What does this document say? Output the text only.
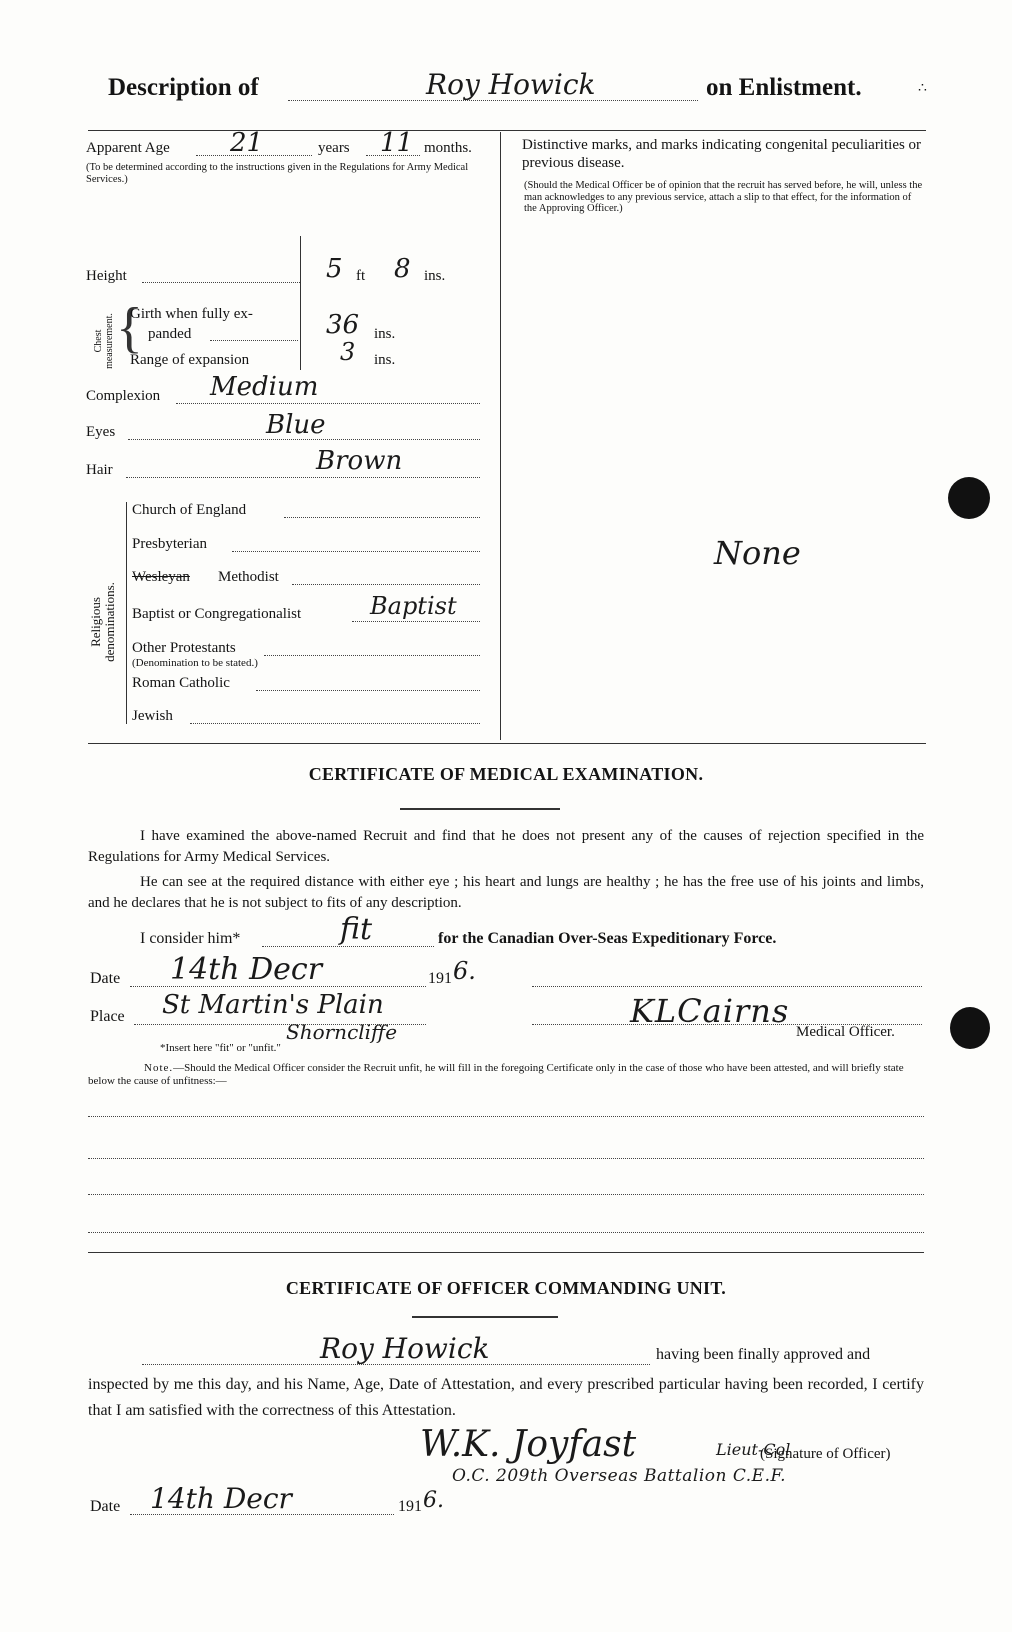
Description of	Roy Howick	on Enlistment.	∴
Apparent Age 21	years 11 months.
(To be determined according to the instructions given in the Regulations for Army Medical Services.)
Height	5 ft 8 ins.
Chest measurement. {
Girth when fully ex-
panded	36 ins.
Range of expansion	3 ins.
Complexion Medium
Eyes	Blue
Hair	Brown
Religious denominations.
Church of England
Presbyterian
Wesleyan Methodist
Baptist or Congregationalist	Baptist
Other Protestants
(Denomination to be stated.)
Roman Catholic
Jewish
Distinctive marks, and marks indicating congenital peculiarities or previous disease.
(Should the Medical Officer be of opinion that the recruit has served before, he will, unless the man acknowledges to any previous service, attach a slip to that effect, for the information of the Approving Officer.)
None
CERTIFICATE OF MEDICAL EXAMINATION.
I have examined the above-named Recruit and find that he does not present any of the causes of rejection specified in the Regulations for Army Medical Services.
He can see at the required distance with either eye ; his heart and lungs are healthy ; he has the free use of his joints and limbs, and he declares that he is not subject to fits of any description.
I consider him*	fit	for the Canadian Over-Seas Expeditionary Force.
Date 14th Decr	191 6.
Place St Martin's Plain
Shorncliffe
KLCairns
Medical Officer.
*Insert here "fit" or "unfit."
Note.—Should the Medical Officer consider the Recruit unfit, he will fill in the foregoing Certificate only in the case of those who have been attested, and will briefly state below the cause of unfitness:—
CERTIFICATE OF OFFICER COMMANDING UNIT.
Roy Howick	having been finally approved and
inspected by me this day, and his Name, Age, Date of Attestation, and every prescribed particular having been recorded, I certify that I am satisfied with the correctness of this Attestation.
W.K. Joyfast	Lieut-Col
(Signature of Officer)
O.C. 209th Overseas Battalion C.E.F.
Date 14th Decr	191 6.
